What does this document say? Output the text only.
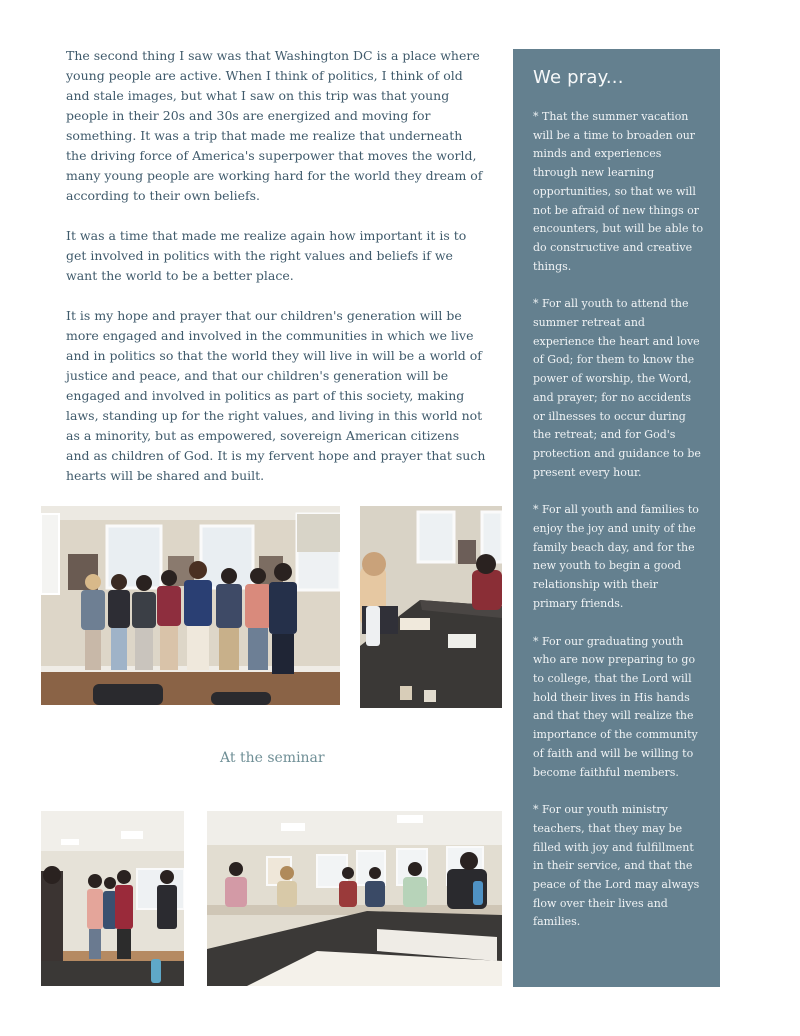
The second thing I saw was that Washington DC is a place where young people are active. When I think of politics, I think of old and stale images, but what I saw on this trip was that young people in their 20s and 30s are energized and moving for something. It was a trip that made me realize that underneath the driving force of America's superpower that moves the world, many young people are working hard for the world they dream of according to their own beliefs.

It was a time that made me realize again how important it is to get involved in politics with the right values and beliefs if we want the world to be a better place.

It is my hope and prayer that our children's generation will be more engaged and involved in the communities in which we live and in politics so that the world they will live in will be a world of justice and peace, and that our children's generation will be engaged and involved in politics as part of this society, making laws, standing up for the right values, and living in this world not as a minority, but as empowered, sovereign American citizens and as children of God. It is my fervent hope and prayer that such hearts will be shared and built.

At the seminar
We pray...

* That the summer vacation will be a time to broaden our minds and experiences through new learning opportunities, so that we will not be afraid of new things or encounters, but will be able to do constructive and creative things.

* For all youth to attend the summer retreat and experience the heart and love of God; for them to know the power of worship, the Word, and prayer; for no accidents or illnesses to occur during the retreat; and for God's protection and guidance to be present every hour.

* For all youth and families to enjoy the joy and unity of the family beach day, and for the new youth to begin a good relationship with their primary friends.

* For our graduating youth who are now preparing to go to college, that the Lord will hold their lives in His hands and that they will realize the importance of the community of faith and will be willing to become faithful members.

* For our youth ministry teachers, that they may be filled with joy and fulfillment in their service, and that the peace of the Lord may always flow over their lives and families.
